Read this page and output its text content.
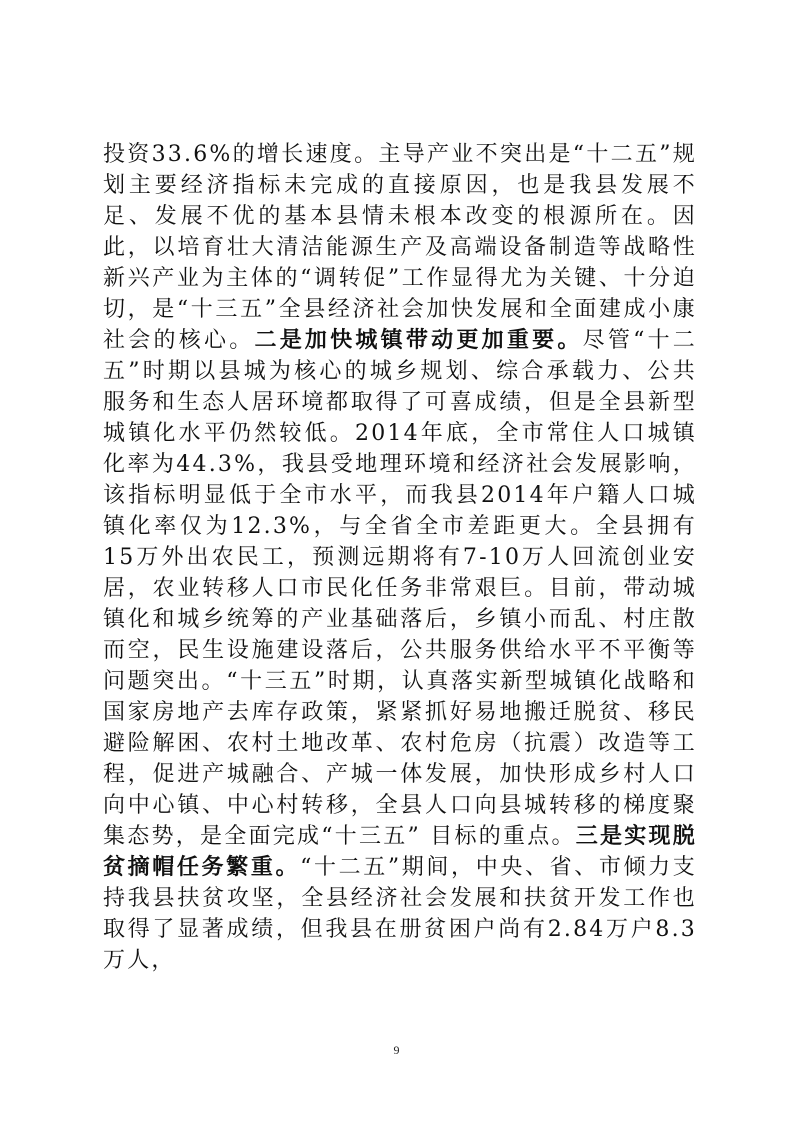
投资33.6%的增长速度。主导产业不突出是“十二五”规划主要经济指标未完成的直接原因，也是我县发展不足、发展不优的基本县情未根本改变的根源所在。因此，以培育壮大清洁能源生产及高端设备制造等战略性新兴产业为主体的“调转促”工作显得尤为关键、十分迫切，是“十三五”全县经济社会加快发展和全面建成小康社会的核心。二是加快城镇带动更加重要。尽管“十二五”时期以县城为核心的城乡规划、综合承载力、公共服务和生态人居环境都取得了可喜成绩，但是全县新型城镇化水平仍然较低。2014年底，全市常住人口城镇化率为44.3%，我县受地理环境和经济社会发展影响，该指标明显低于全市水平，而我县2014年户籍人口城镇化率仅为12.3%，与全省全市差距更大。全县拥有15万外出农民工，预测远期将有7-10万人回流创业安居，农业转移人口市民化任务非常艰巨。目前，带动城镇化和城乡统筹的产业基础落后，乡镇小而乱、村庄散而空，民生设施建设落后，公共服务供给水平不平衡等问题突出。“十三五”时期，认真落实新型城镇化战略和国家房地产去库存政策，紧紧抓好易地搬迁脱贫、移民避险解困、农村土地改革、农村危房（抗震）改造等工程，促进产城融合、产城一体发展，加快形成乡村人口向中心镇、中心村转移，全县人口向县城转移的梯度聚集态势，是全面完成“十三五” 目标的重点。三是实现脱贫摘帽任务繁重。“十二五”期间，中央、省、市倾力支持我县扶贫攻坚，全县经济社会发展和扶贫开发工作也取得了显著成绩，但我县在册贫困户尚有2.84万户8.3万人，

9
